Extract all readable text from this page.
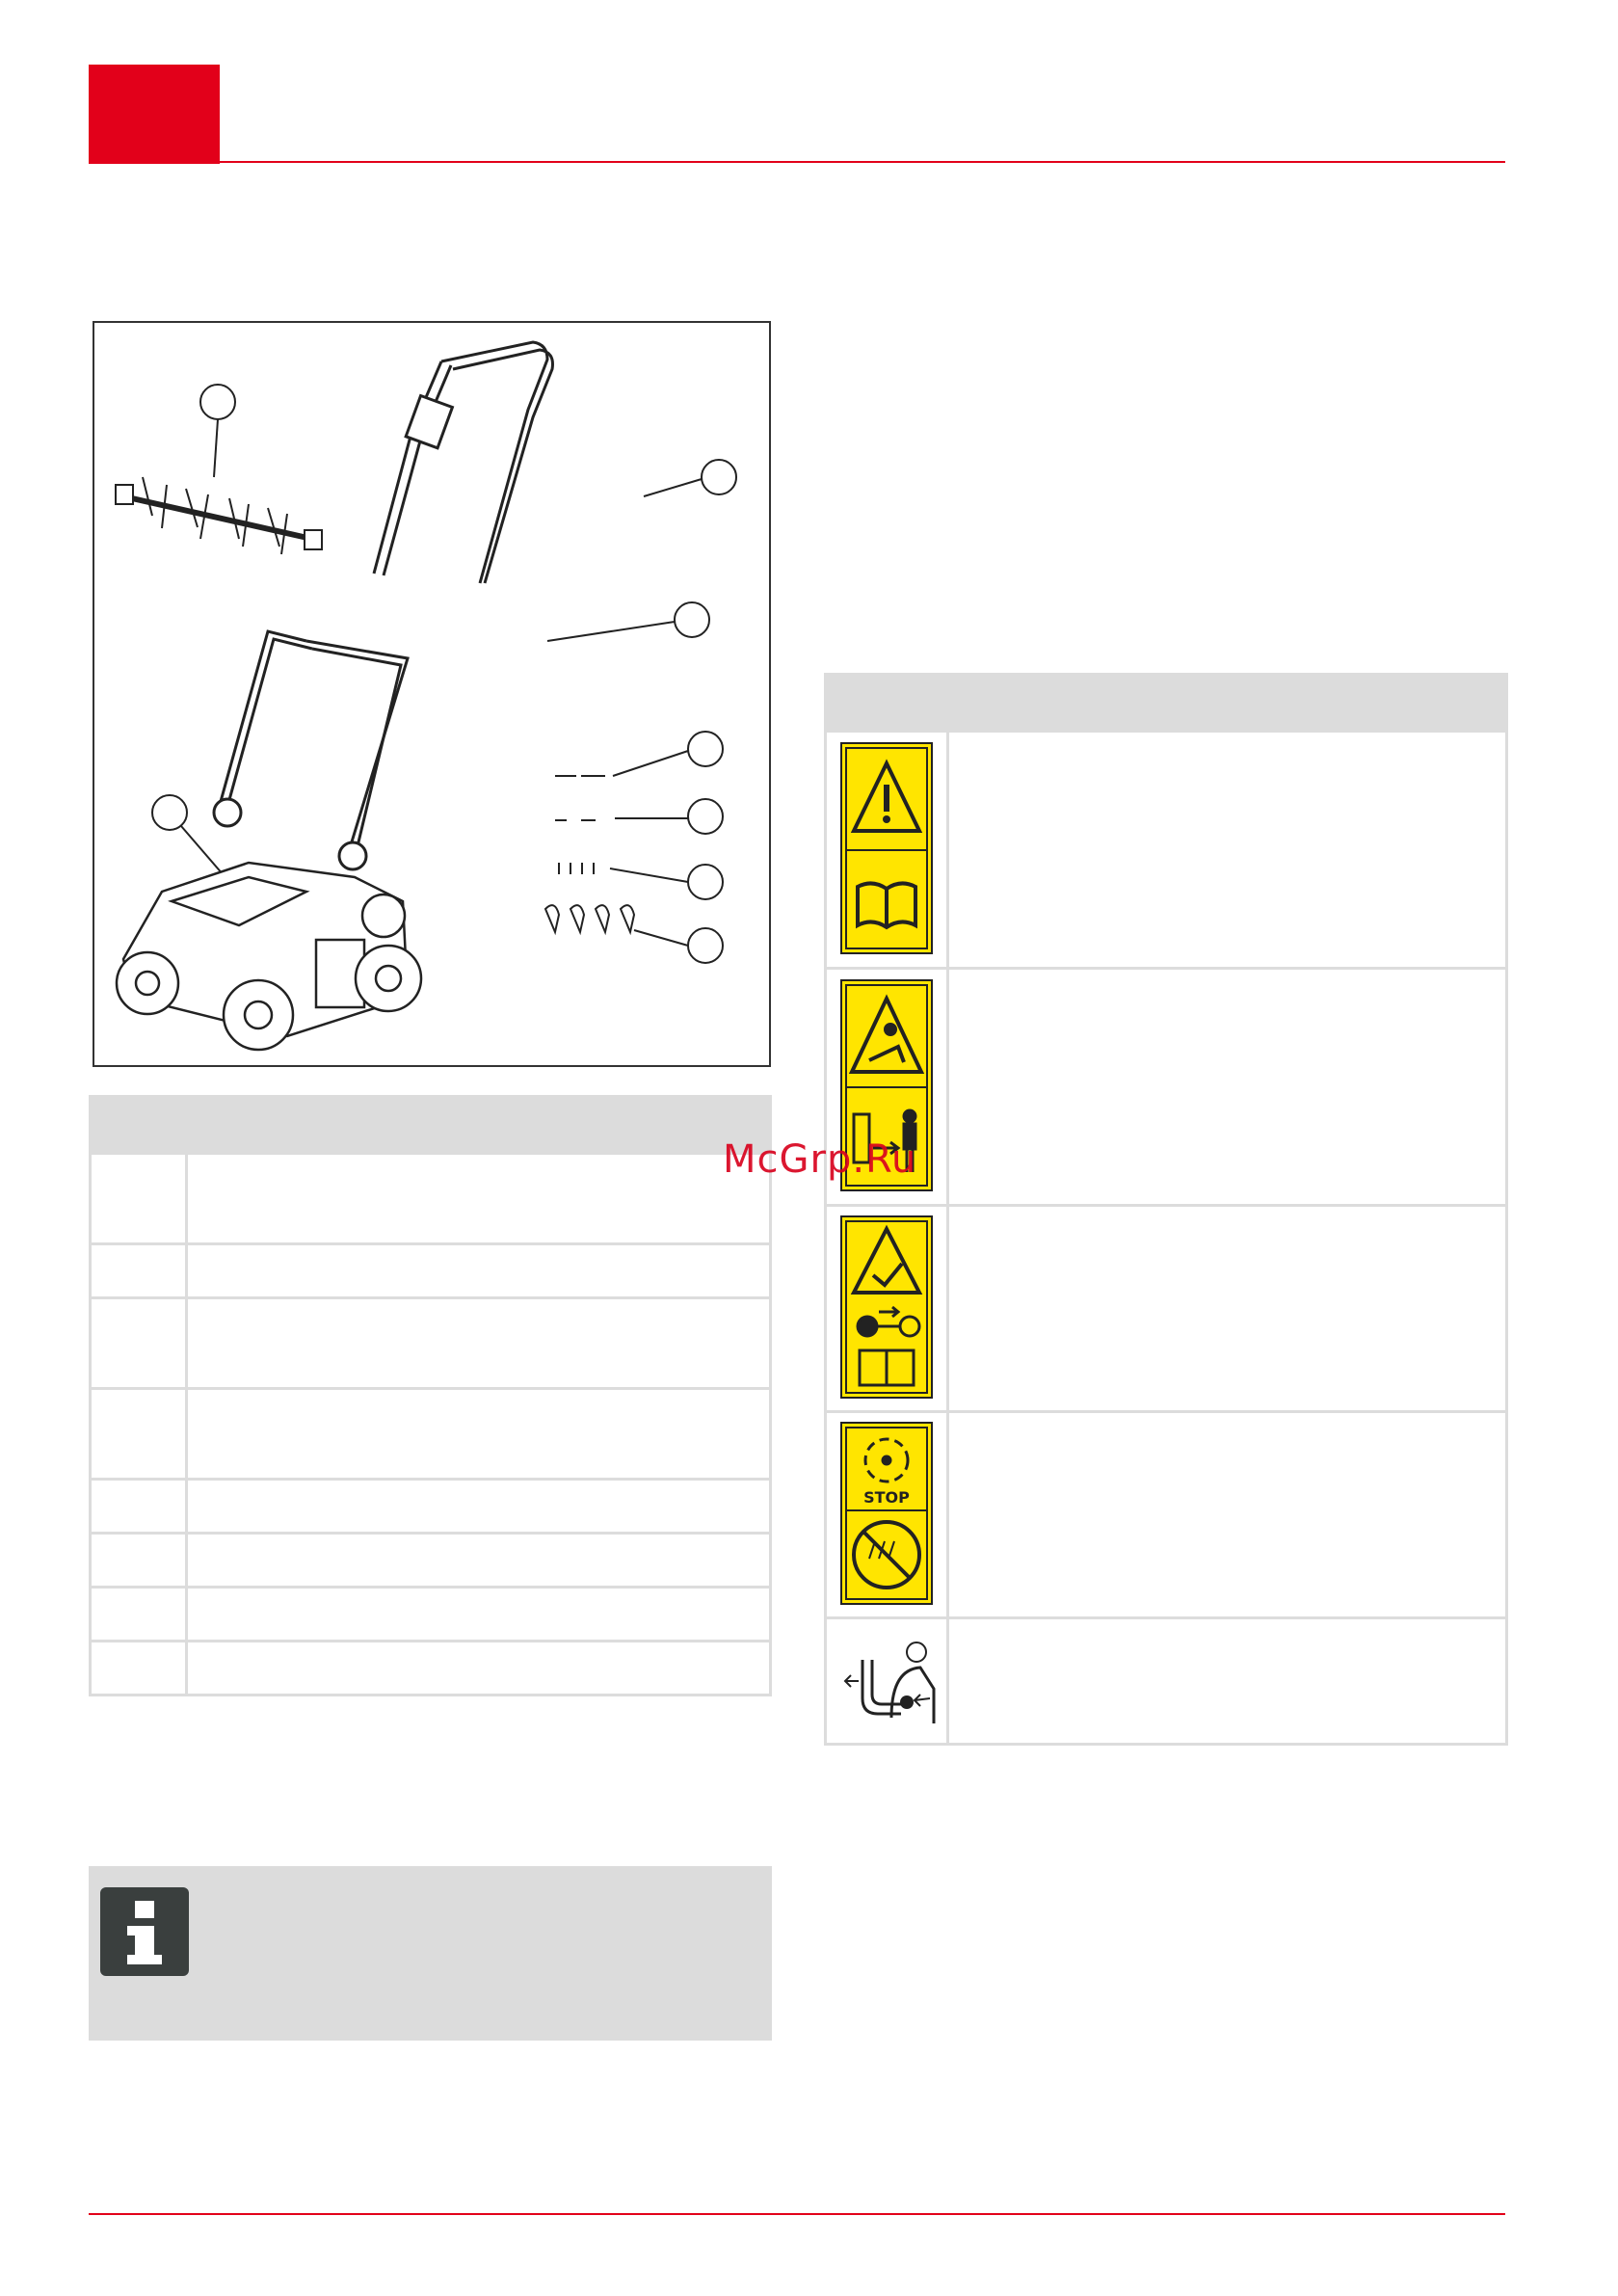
STOP	

McGrp.Ru
